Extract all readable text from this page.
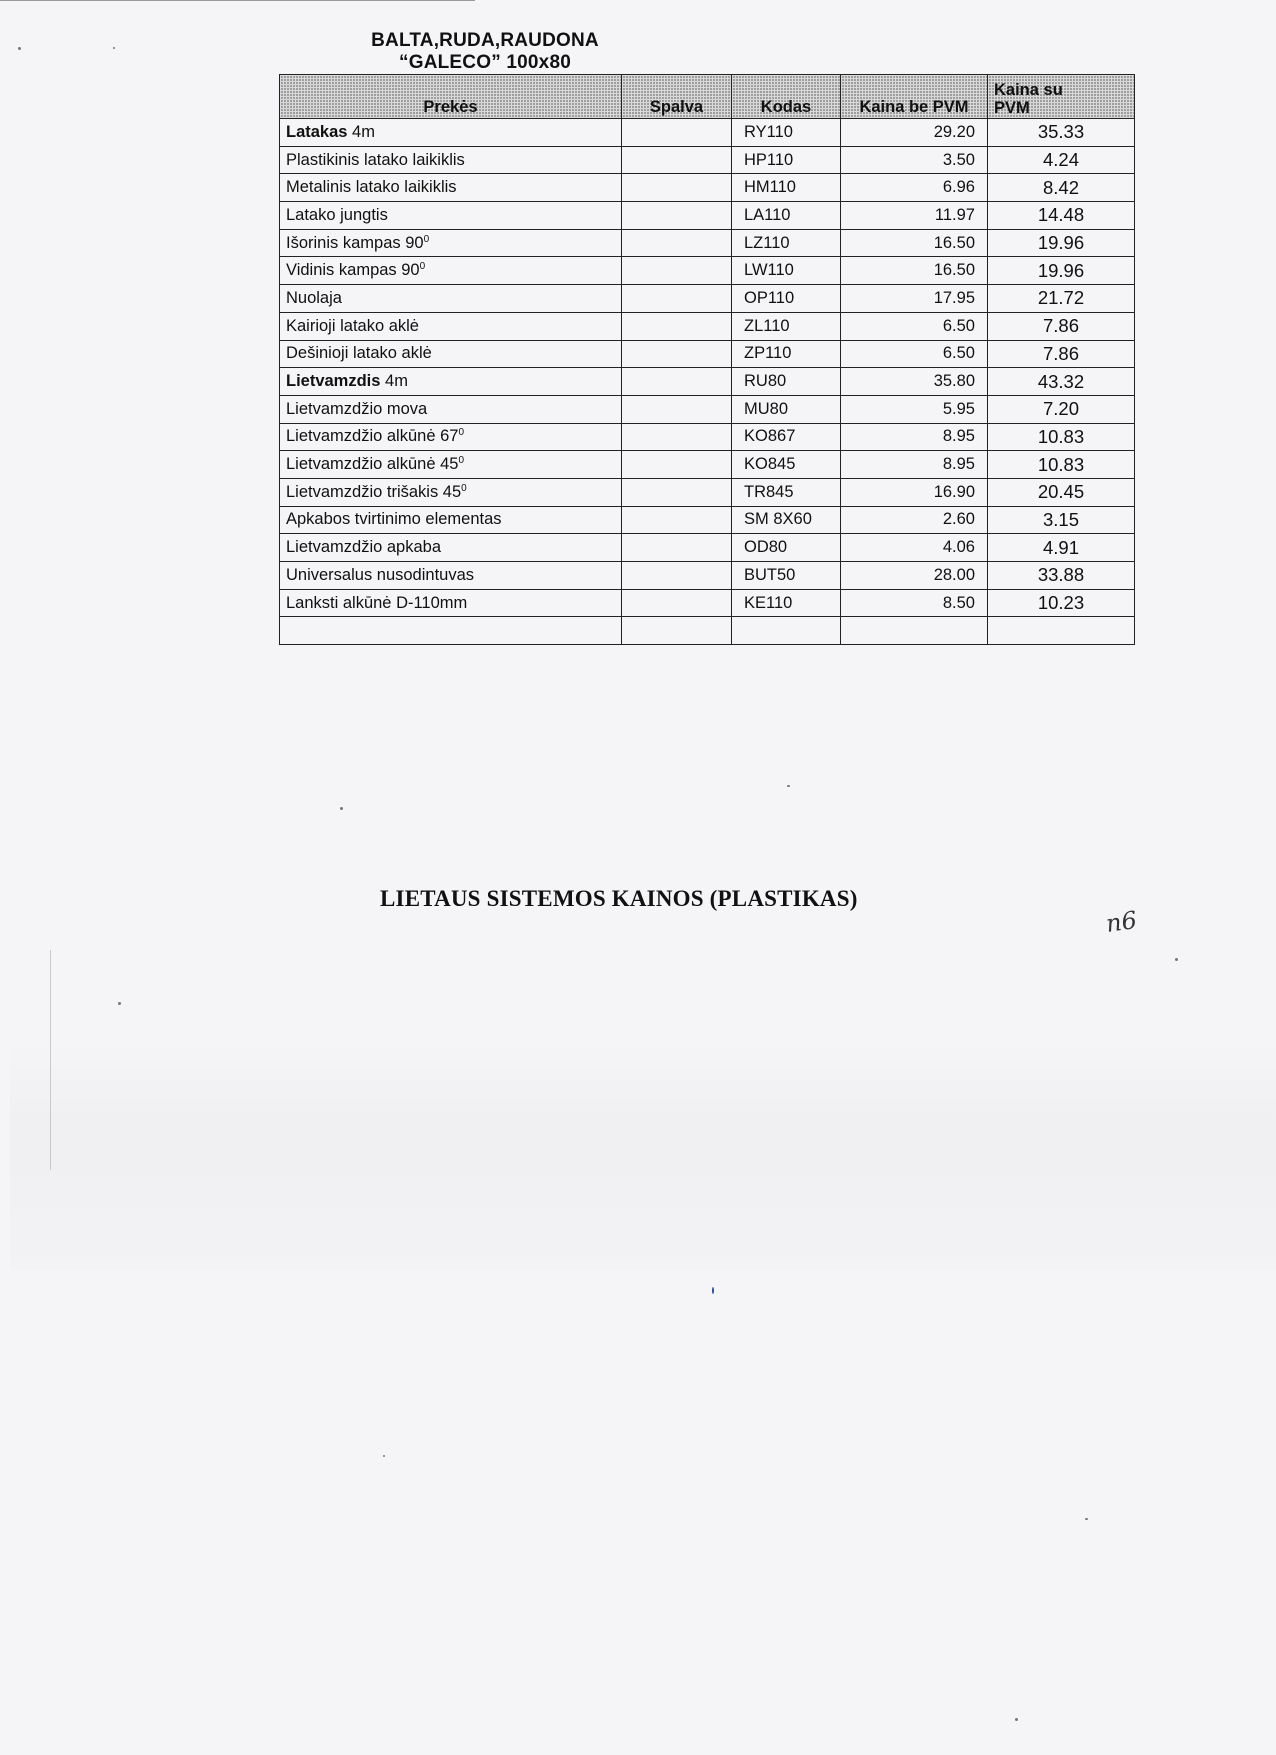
BALTA,RUDA,RAUDONA
“GALECO” 100x80
Prekės	Spalva	Kodas	Kaina be PVM	Kaina su
PVM
Latakas 4m		RY110	29.20	35.33
Plastikinis latako laikiklis		HP110	3.50	4.24
Metalinis latako laikiklis		HM110	6.96	8.42
Latako jungtis		LA110	11.97	14.48
Išorinis kampas $90^0$		LZ110	16.50	19.96
Vidinis kampas $90^0$		LW110	16.50	19.96
Nuolaja		OP110	17.95	21.72
Kairioji latako aklė		ZL110	6.50	7.86
Dešinioji latako aklė		ZP110	6.50	7.86
Lietvamzdis 4m		RU80	35.80	43.32
Lietvamzdžio mova		MU80	5.95	7.20
Lietvamzdžio alkūnė $67^0$		KO867	8.95	10.83
Lietvamzdžio alkūnė $45^0$		KO845	8.95	10.83
Lietvamzdžio trišakis $45^0$		TR845	16.90	20.45
Apkabos tvirtinimo elementas		SM 8X60	2.60	3.15
Lietvamzdžio apkaba		OD80	4.06	4.91
Universalus nusodintuvas		BUT50	28.00	33.88
Lanksti alkūnė D-110mm		KE110	8.50	10.23

LIETAUS SISTEMOS KAINOS (PLASTIKAS)
n6
